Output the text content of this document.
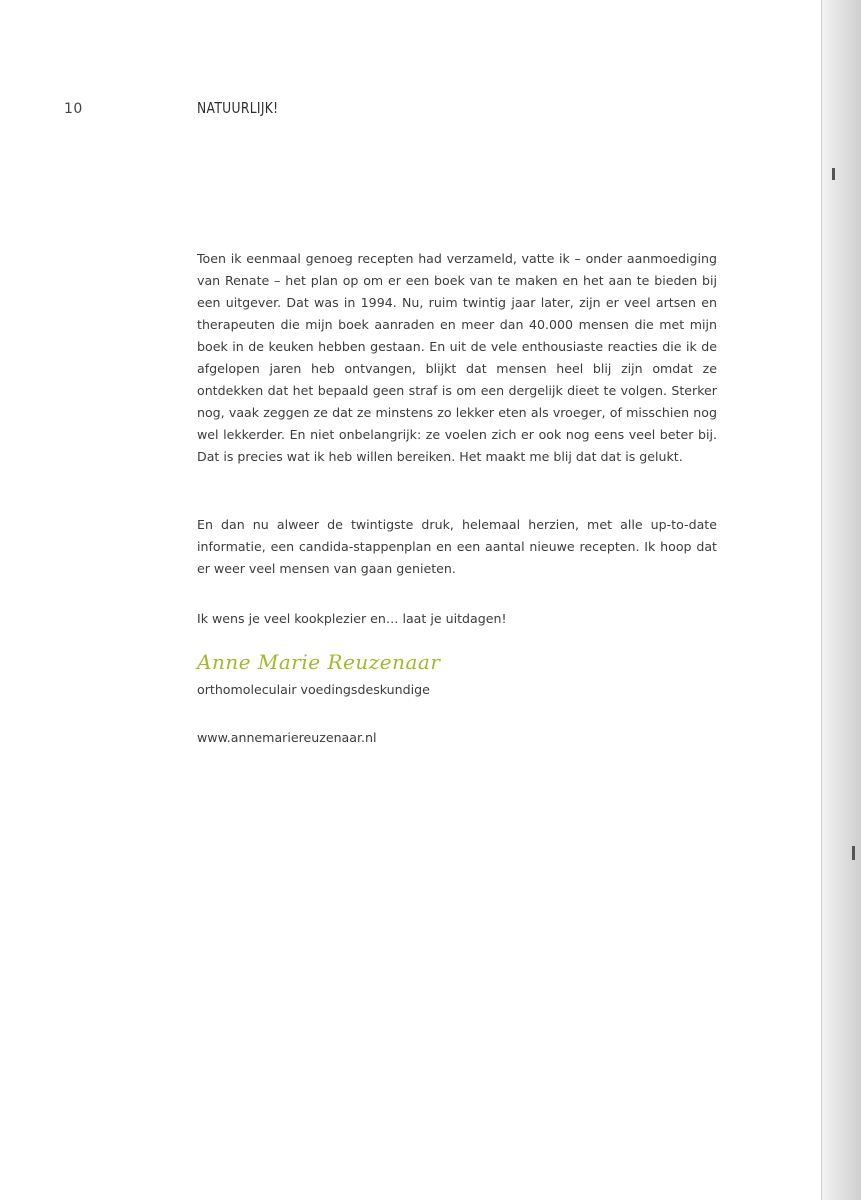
10	NATUURLIJK!

Toen ik eenmaal genoeg recepten had verzameld, vatte ik – onder aanmoediging van Renate – het plan op om er een boek van te maken en het aan te bieden bij een uitgever. Dat was in 1994. Nu, ruim twintig jaar later, zijn er veel artsen en therapeuten die mijn boek aanraden en meer dan 40.000 mensen die met mijn boek in de keuken hebben gestaan. En uit de vele enthousiaste reacties die ik de afgelopen jaren heb ontvangen, blijkt dat mensen heel blij zijn omdat ze ontdekken dat het bepaald geen straf is om een dergelijk dieet te volgen. Sterker nog, vaak zeggen ze dat ze minstens zo lekker eten als vroeger, of misschien nog wel lekkerder. En niet onbelangrijk: ze voelen zich er ook nog eens veel beter bij. Dat is precies wat ik heb willen bereiken. Het maakt me blij dat dat is gelukt.

En dan nu alweer de twintigste druk, helemaal herzien, met alle up-to-date informatie, een candida-stappenplan en een aantal nieuwe recepten. Ik hoop dat er weer veel mensen van gaan genieten.

Ik wens je veel kookplezier en… laat je uitdagen!

Anne Marie Reuzenaar
orthomoleculair voedingsdeskundige
www.annemariereuzenaar.nl
